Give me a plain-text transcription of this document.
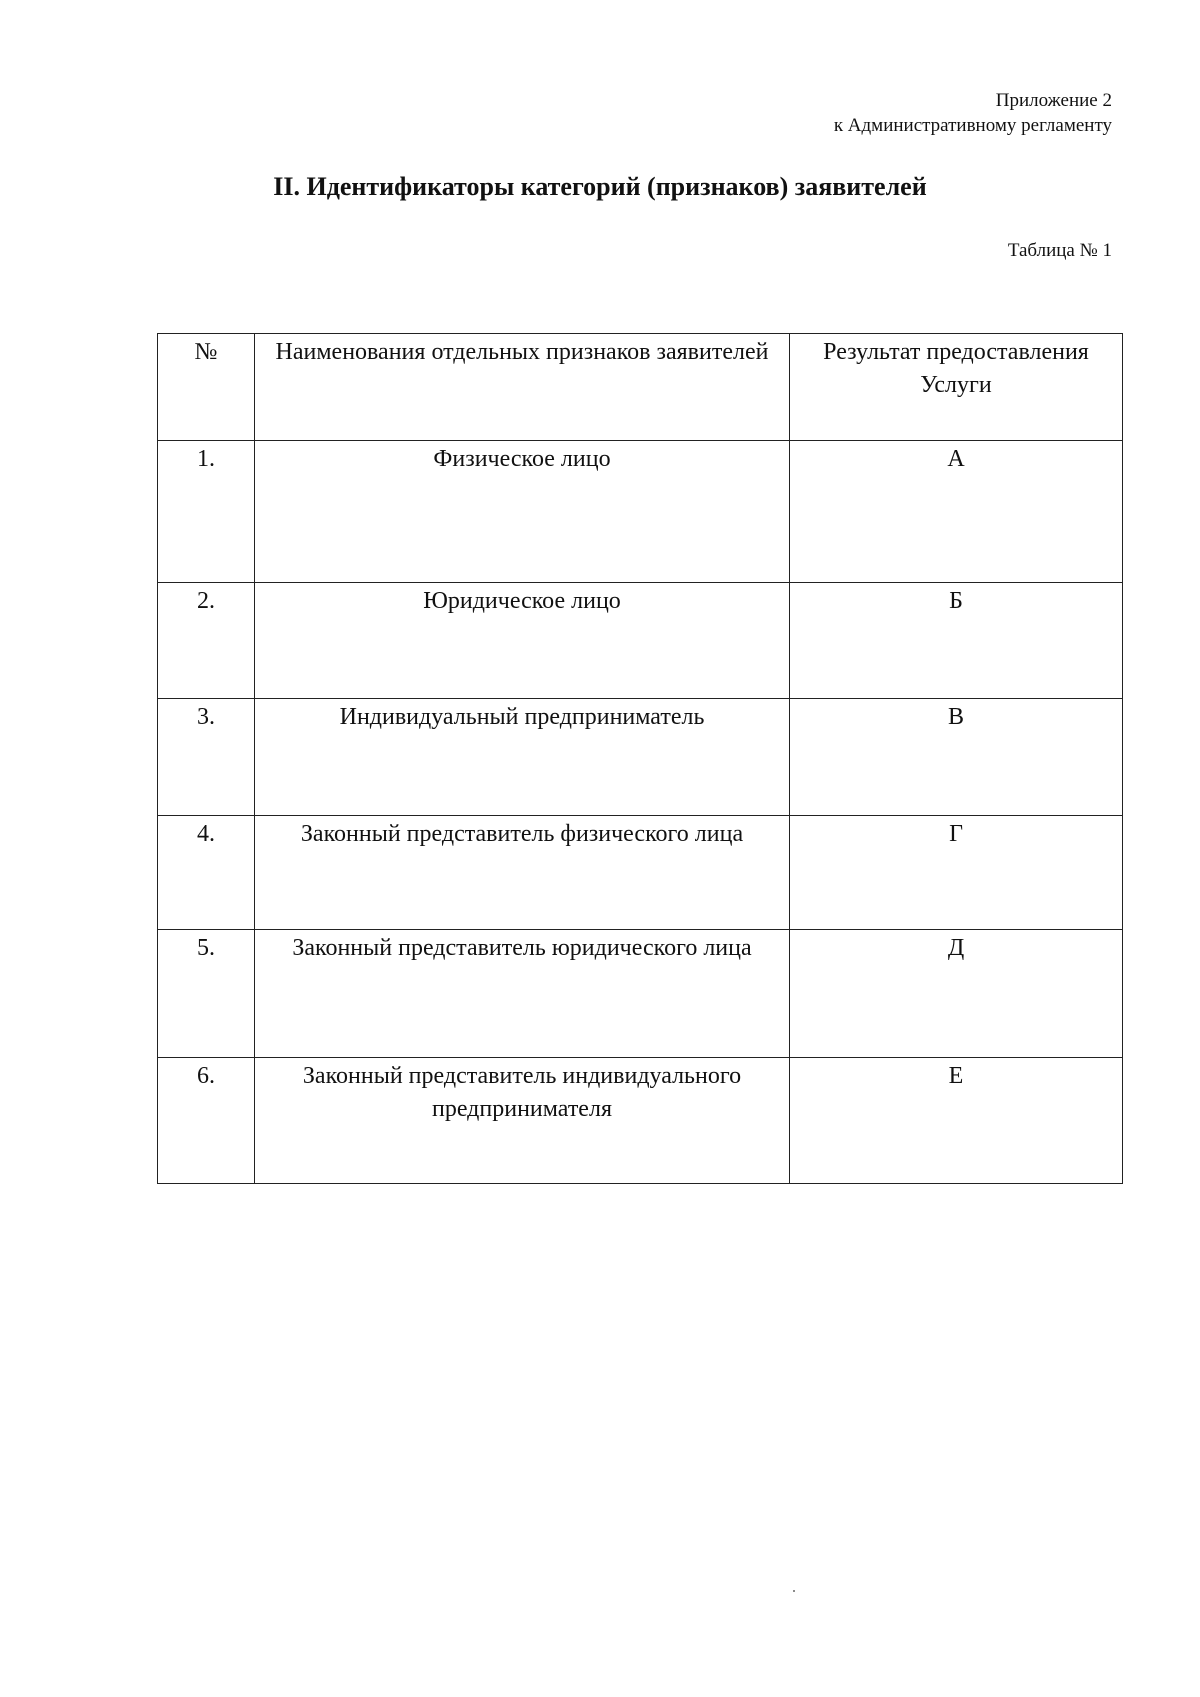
Приложение 2
к Административному регламенту
II. Идентификаторы категорий (признаков) заявителей
Таблица № 1
№	Наименования отдельных признаков заявителей	Результат предоставления Услуги
1.	Физическое лицо	А
2.	Юридическое лицо	Б
3.	Индивидуальный предприниматель	В
4.	Законный представитель физического лица	Г
5.	Законный представитель юридического лица	Д
6.	Законный представитель индивидуального предпринимателя	Е
